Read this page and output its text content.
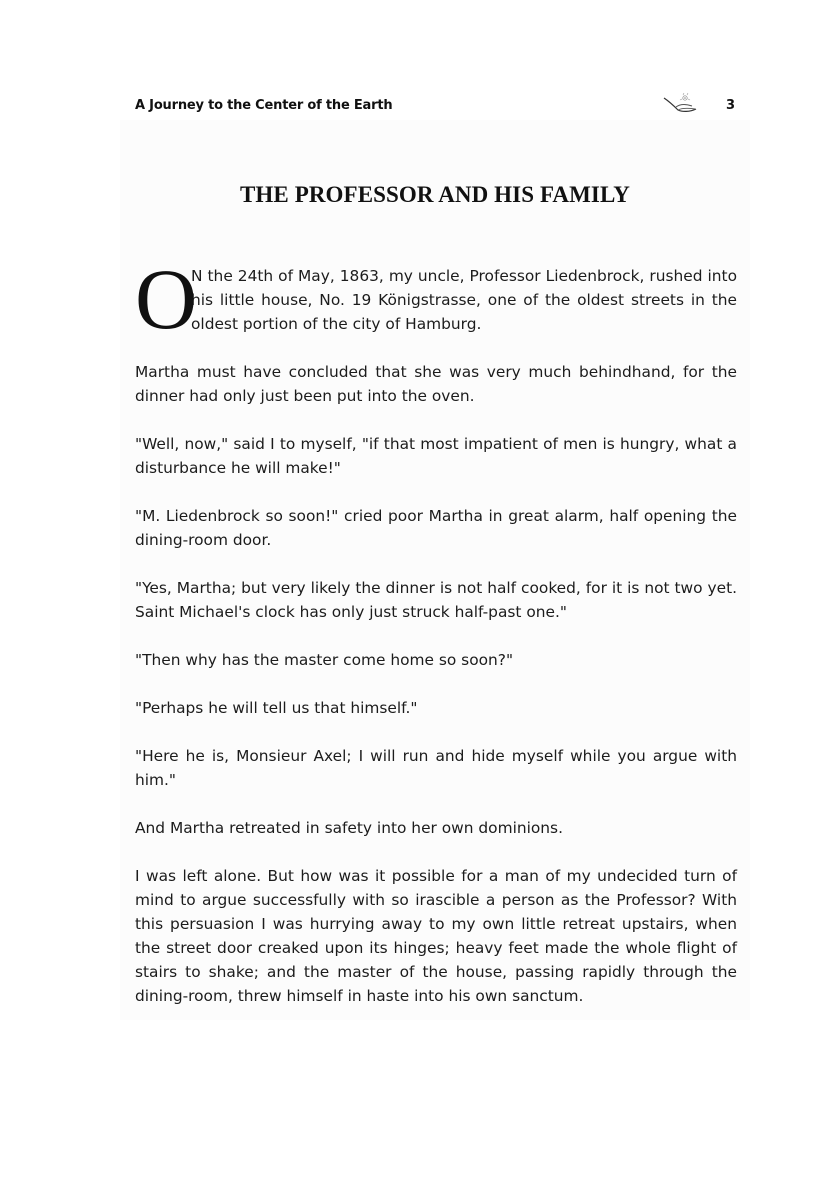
A Journey to the Center of the Earth	3
THE PROFESSOR AND HIS FAMILY

O
N the 24th of May, 1863, my uncle, Professor Liedenbrock, rushed into his little house, No. 19 Königstrasse, one of the oldest streets in the oldest portion of the city of Hamburg.

Martha must have concluded that she was very much behindhand, for the dinner had only just been put into the oven.

"Well, now," said I to myself, "if that most impatient of men is hungry, what a disturbance he will make!"

"M. Liedenbrock so soon!" cried poor Martha in great alarm, half opening the dining-room door.

"Yes, Martha; but very likely the dinner is not half cooked, for it is not two yet. Saint Michael's clock has only just struck half-past one."

"Then why has the master come home so soon?"

"Perhaps he will tell us that himself."

"Here he is, Monsieur Axel; I will run and hide myself while you argue with him."

And Martha retreated in safety into her own dominions.

I was left alone. But how was it possible for a man of my undecided turn of mind to argue successfully with so irascible a person as the Professor? With this persuasion I was hurrying away to my own little retreat upstairs, when the street door creaked upon its hinges; heavy feet made the whole flight of stairs to shake; and the master of the house, passing rapidly through the dining-room, threw himself in haste into his own sanctum.
